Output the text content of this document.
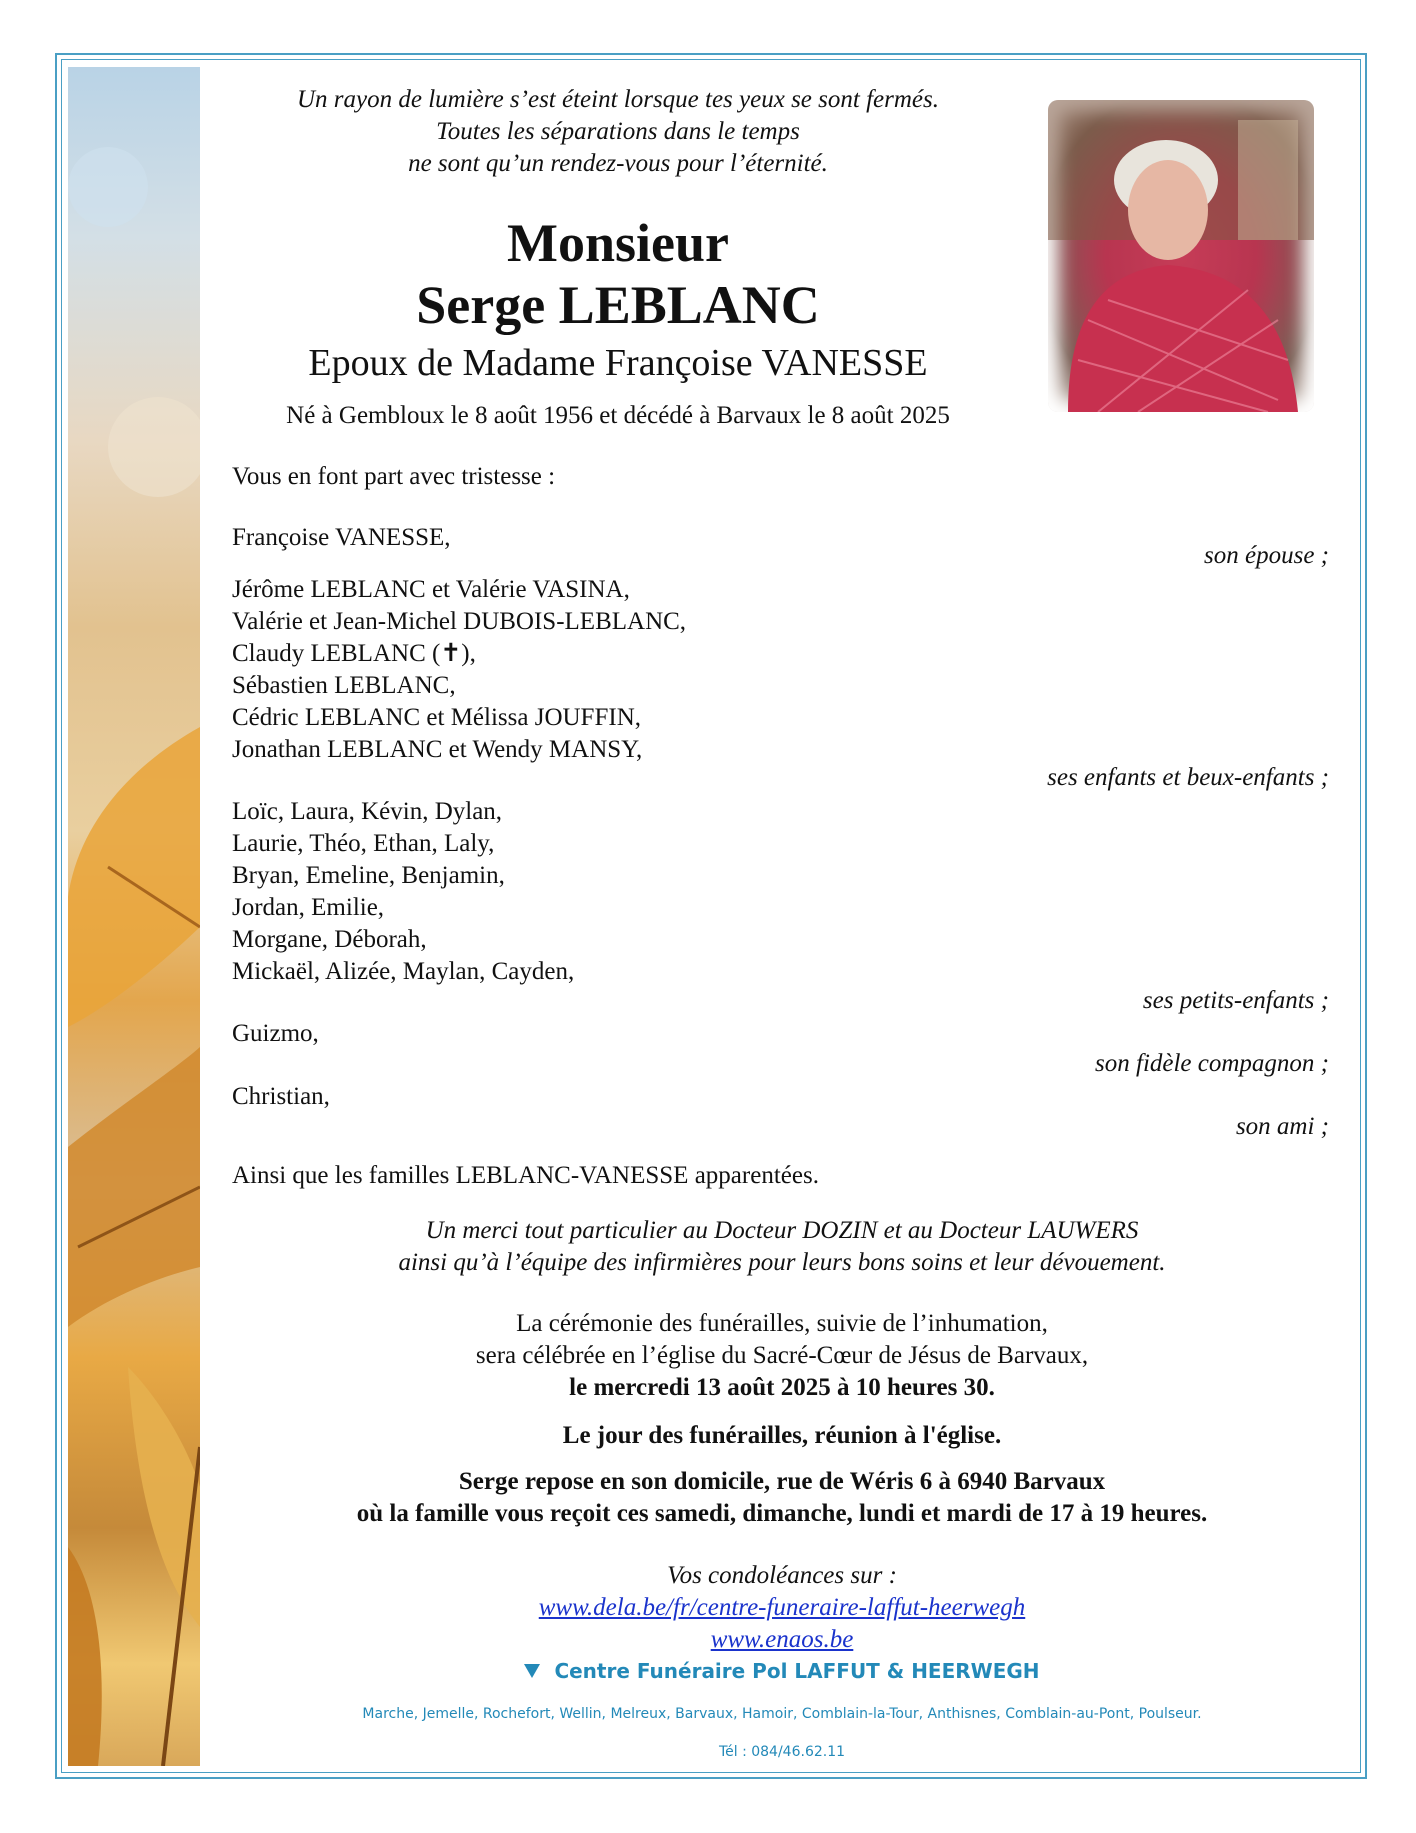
Un rayon de lumière s’est éteint lorsque tes yeux se sont fermés.
Toutes les séparations dans le temps
ne sont qu’un rendez-vous pour l’éternité.
Monsieur
Serge LEBLANC
Epoux de Madame Françoise VANESSE
Né à Gembloux le 8 août 1956 et décédé à Barvaux le 8 août 2025
Vous en font part avec tristesse :
Françoise VANESSE,
son épouse ;
Jérôme LEBLANC et Valérie VASINA,
Valérie et Jean-Michel DUBOIS-LEBLANC,
Claudy LEBLANC (✝),
Sébastien LEBLANC,
Cédric LEBLANC et Mélissa JOUFFIN,
Jonathan LEBLANC et Wendy MANSY,
ses enfants et beux-enfants ;
Loïc, Laura, Kévin, Dylan,
Laurie, Théo, Ethan, Laly,
Bryan, Emeline, Benjamin,
Jordan, Emilie,
Morgane, Déborah,
Mickaël, Alizée, Maylan, Cayden,
ses petits-enfants ;
Guizmo,
son fidèle compagnon ;
Christian,
son ami ;
Ainsi que les familles LEBLANC-VANESSE apparentées.
Un merci tout particulier au Docteur DOZIN et au Docteur LAUWERS
ainsi qu’à l’équipe des infirmières pour leurs bons soins et leur dévouement.
La cérémonie des funérailles, suivie de l’inhumation,
sera célébrée en l’église du Sacré-Cœur de Jésus de Barvaux,
le mercredi 13 août 2025 à 10 heures 30.
Le jour des funérailles, réunion à l'église.
Serge repose en son domicile, rue de Wéris 6 à 6940 Barvaux
où la famille vous reçoit ces samedi, dimanche, lundi et mardi de 17 à 19 heures.
Vos condoléances sur :
www.dela.be/fr/centre-funeraire-laffut-heerwegh
www.enaos.be
Centre Funéraire Pol LAFFUT & HEERWEGH
Marche, Jemelle, Rochefort, Wellin, Melreux, Barvaux, Hamoir, Comblain-la-Tour, Anthisnes, Comblain-au-Pont, Poulseur.
Tél : 084/46.62.11
